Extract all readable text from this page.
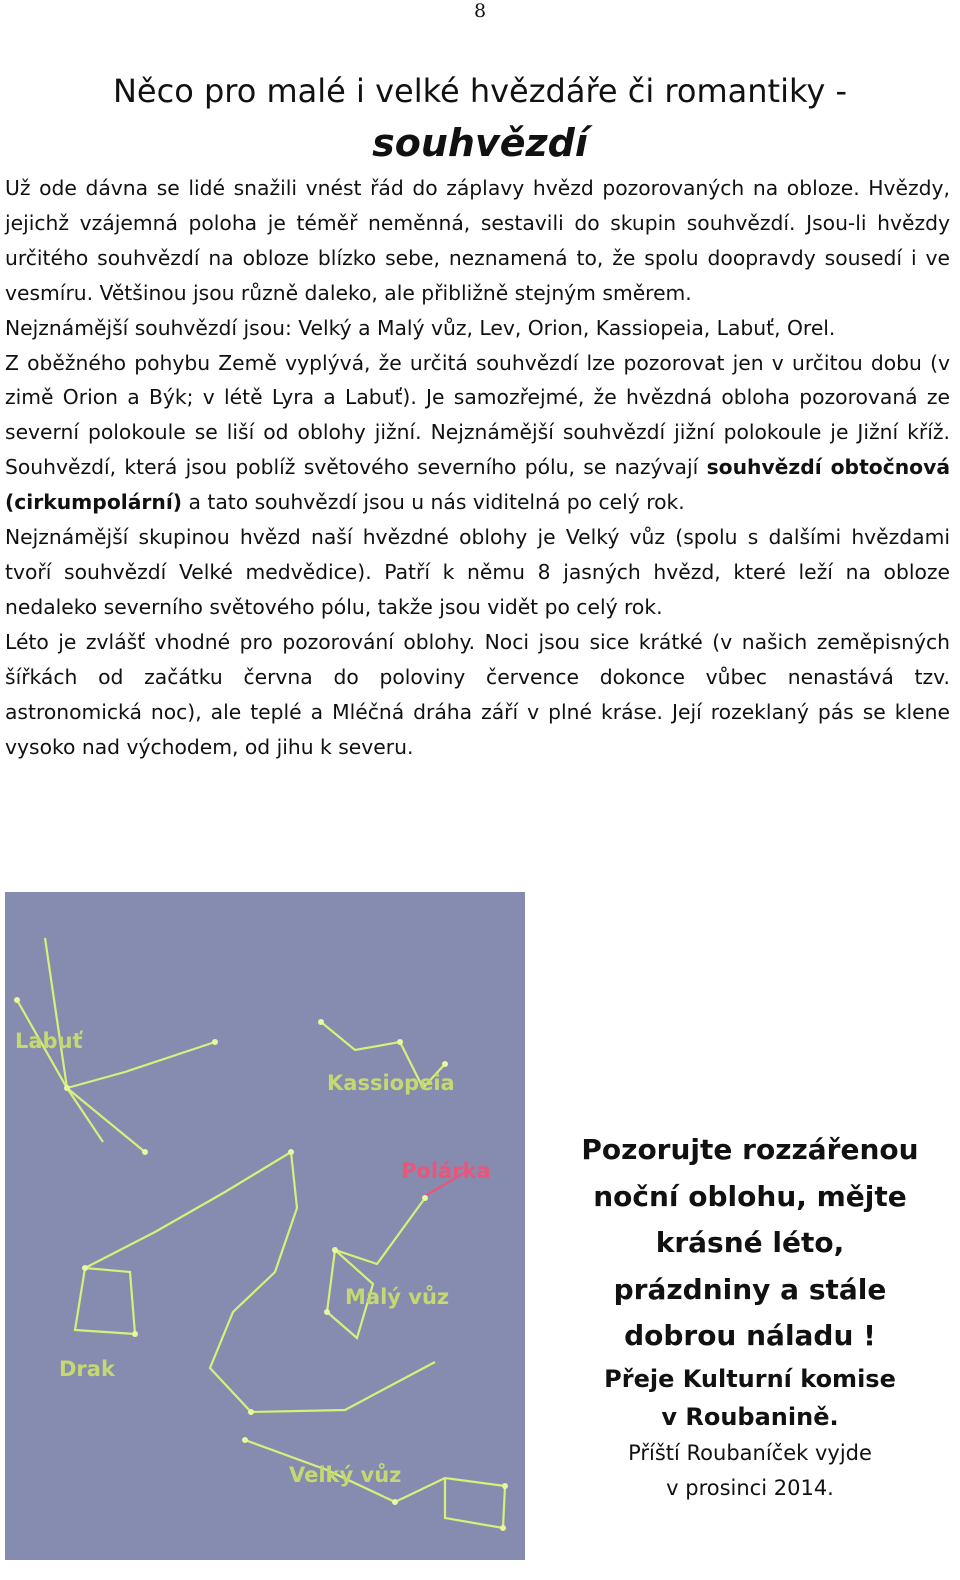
8
Něco pro malé i velké hvězdáře či romantiky -
souhvězdí

Už ode dávna se lidé snažili vnést řád do záplavy hvězd pozorovaných na obloze. Hvězdy, jejichž vzájemná poloha je téměř neměnná, sestavili do skupin souhvězdí. Jsou-li hvězdy určitého souhvězdí na obloze blízko sebe, neznamená to, že spolu doopravdy sousedí i ve vesmíru. Většinou jsou různě daleko, ale přibližně stejným směrem.

Nejznámější souhvězdí jsou: Velký a Malý vůz, Lev, Orion, Kassiopeia, Labuť, Orel.

Z oběžného pohybu Země vyplývá, že určitá souhvězdí lze pozorovat jen v určitou dobu (v zimě Orion a Býk; v létě Lyra a Labuť). Je samozřejmé, že hvězdná obloha pozorovaná ze severní polokoule se liší od oblohy jižní. Nejznámější souhvězdí jižní polokoule je Jižní kříž. Souhvězdí, která jsou poblíž světového severního pólu, se nazývají souhvězdí obtočnová (cirkumpolární) a tato souhvězdí jsou u nás viditelná po celý rok.

Nejznámější skupinou hvězd naší hvězdné oblohy je Velký vůz (spolu s dalšími hvězdami tvoří souhvězdí Velké medvědice). Patří k němu 8 jasných hvězd, které leží na obloze nedaleko severního světového pólu, takže jsou vidět po celý rok.

Léto je zvlášť vhodné pro pozorování oblohy. Noci jsou sice krátké (v našich zeměpisných šířkách od začátku června do poloviny července dokonce vůbec nenastává tzv. astronomická noc), ale teplé a Mléčná dráha září v plné kráse. Její rozeklaný pás se klene vysoko nad východem, od jihu k severu.

Labuť
Kassiopeia
Polárka
Malý vůz
Drak
Velký vůz
Pozorujte rozzářenou
noční oblohu, mějte
krásné léto,
prázdniny a stále
dobrou náladu !
Přeje Kulturní komise
v Roubanině.
Příští Roubaníček vyjde
v prosinci 2014.
